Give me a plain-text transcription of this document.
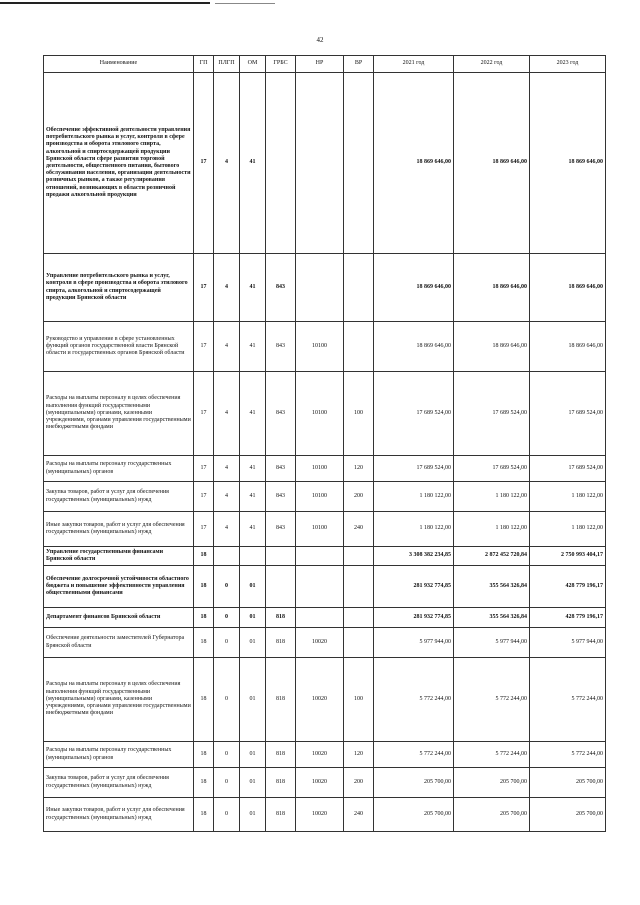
42
Наименование	ГП	ПЛГП	ОМ	ГРБС	НР	ВР	2021 год	2022 год	2023 год
Обеспечение эффективной деятельности управления потребительского рынка и услуг, контроля в сфере производства и оборота этилового спирта, алкогольной и спиртосодержащей продукции Брянской области сфере развития торговой деятельности, общественного питания, бытового обслуживания населения, организации деятельности розничных рынков, а также регулирования отношений, возникающих в области розничной продажи алкогольной продукции	17	4	41				18 869 646,00	18 869 646,00	18 869 646,00
Управление потребительского рынка и услуг, контроля в сфере производства и оборота этилового спирта, алкогольной и спиртосодержащей продукции Брянской области	17	4	41	843			18 869 646,00	18 869 646,00	18 869 646,00
Руководство и управление в сфере установленных функций органов государственной власти Брянской области и государственных органов Брянской области	17	4	41	843	10100		18 869 646,00	18 869 646,00	18 869 646,00
Расходы на выплаты персоналу в целях обеспечения выполнения функций государственными (муниципальными) органами, казенными учреждениями, органами управления государственными внебюджетными фондами	17	4	41	843	10100	100	17 689 524,00	17 689 524,00	17 689 524,00
Расходы на выплаты персоналу государственных (муниципальных) органов	17	4	41	843	10100	120	17 689 524,00	17 689 524,00	17 689 524,00
Закупка товаров, работ и услуг для обеспечения государственных (муниципальных) нужд	17	4	41	843	10100	200	1 180 122,00	1 180 122,00	1 180 122,00
Иные закупки товаров, работ и услуг для обеспечения государственных (муниципальных) нужд	17	4	41	843	10100	240	1 180 122,00	1 180 122,00	1 180 122,00
Управление государственными финансами Брянской области	18						3 308 382 234,85	2 872 452 720,84	2 750 993 404,17
Обеспечение долгосрочной устойчивости областного бюджета и повышение эффективности управления общественными финансами	18	0	01				281 932 774,85	355 564 326,84	428 779 196,17
Департамент финансов Брянской области	18	0	01	818			281 932 774,85	355 564 326,84	428 779 196,17
Обеспечение деятельности заместителей Губернатора Брянской области	18	0	01	818	10020		5 977 944,00	5 977 944,00	5 977 944,00
Расходы на выплаты персоналу в целях обеспечения выполнения функций государственными (муниципальными) органами, казенными учреждениями, органами управления государственными внебюджетными фондами	18	0	01	818	10020	100	5 772 244,00	5 772 244,00	5 772 244,00
Расходы на выплаты персоналу государственных (муниципальных) органов	18	0	01	818	10020	120	5 772 244,00	5 772 244,00	5 772 244,00
Закупка товаров, работ и услуг для обеспечения государственных (муниципальных) нужд	18	0	01	818	10020	200	205 700,00	205 700,00	205 700,00
Иные закупки товаров, работ и услуг для обеспечения государственных (муниципальных) нужд	18	0	01	818	10020	240	205 700,00	205 700,00	205 700,00
